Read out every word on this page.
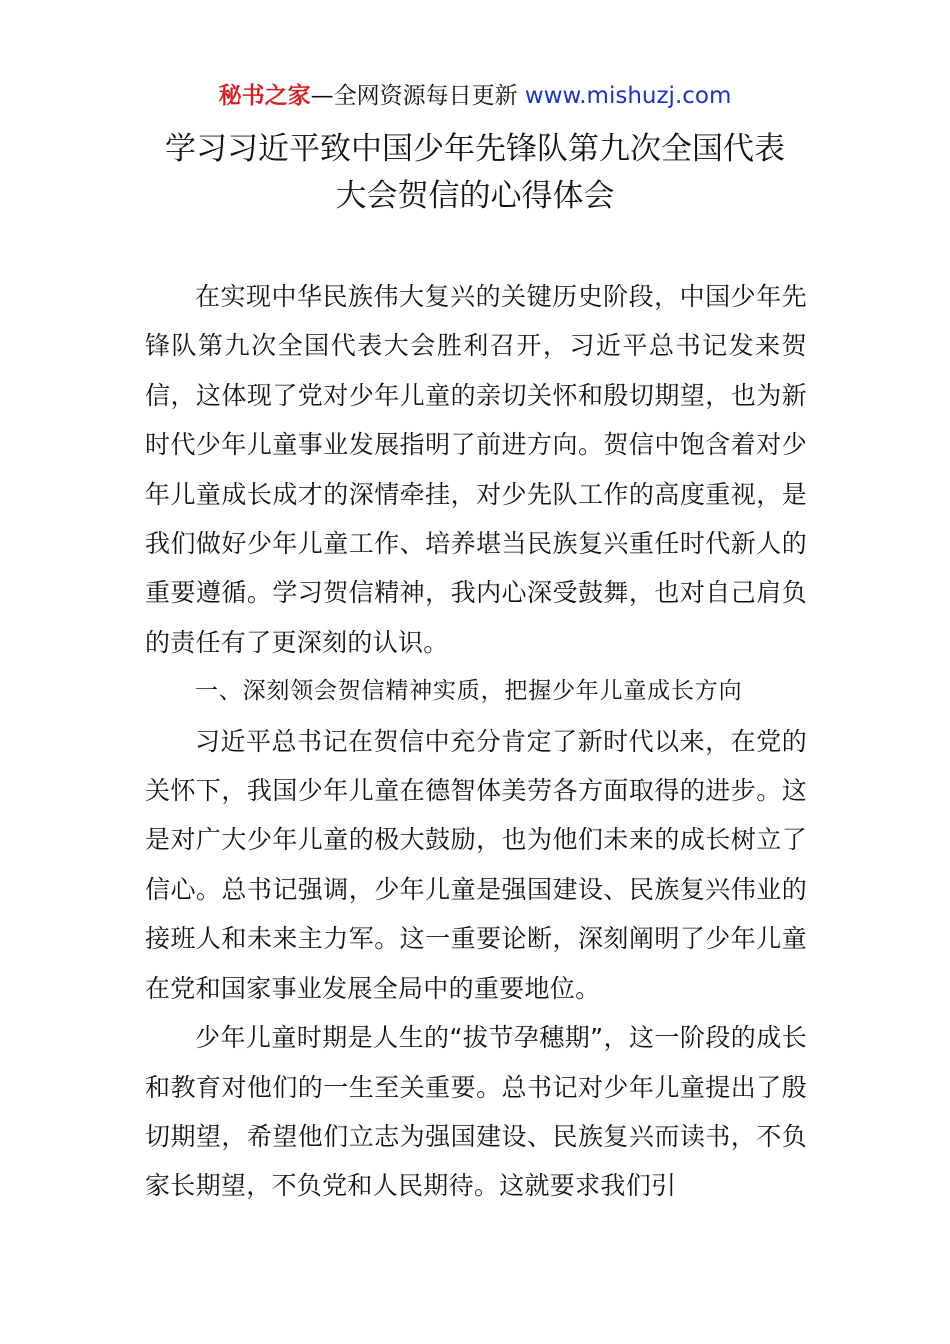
秘书之家—全网资源每日更新 www.mishuzj.com
学习习近平致中国少年先锋队第九次全国代表
大会贺信的心得体会

在实现中华民族伟大复兴的关键历史阶段，中国少年先锋队第九次全国代表大会胜利召开，习近平总书记发来贺信，这体现了党对少年儿童的亲切关怀和殷切期望，也为新时代少年儿童事业发展指明了前进方向。贺信中饱含着对少年儿童成长成才的深情牵挂，对少先队工作的高度重视，是我们做好少年儿童工作、培养堪当民族复兴重任时代新人的重要遵循。学习贺信精神，我内心深受鼓舞，也对自己肩负的责任有了更深刻的认识。

一、深刻领会贺信精神实质，把握少年儿童成长方向

习近平总书记在贺信中充分肯定了新时代以来，在党的关怀下，我国少年儿童在德智体美劳各方面取得的进步。这是对广大少年儿童的极大鼓励，也为他们未来的成长树立了信心。总书记强调，少年儿童是强国建设、民族复兴伟业的接班人和未来主力军。这一重要论断，深刻阐明了少年儿童在党和国家事业发展全局中的重要地位。

少年儿童时期是人生的“拔节孕穗期”，这一阶段的成长和教育对他们的一生至关重要。总书记对少年儿童提出了殷切期望，希望他们立志为强国建设、民族复兴而读书，不负家长期望，不负党和人民期待。这就要求我们引
